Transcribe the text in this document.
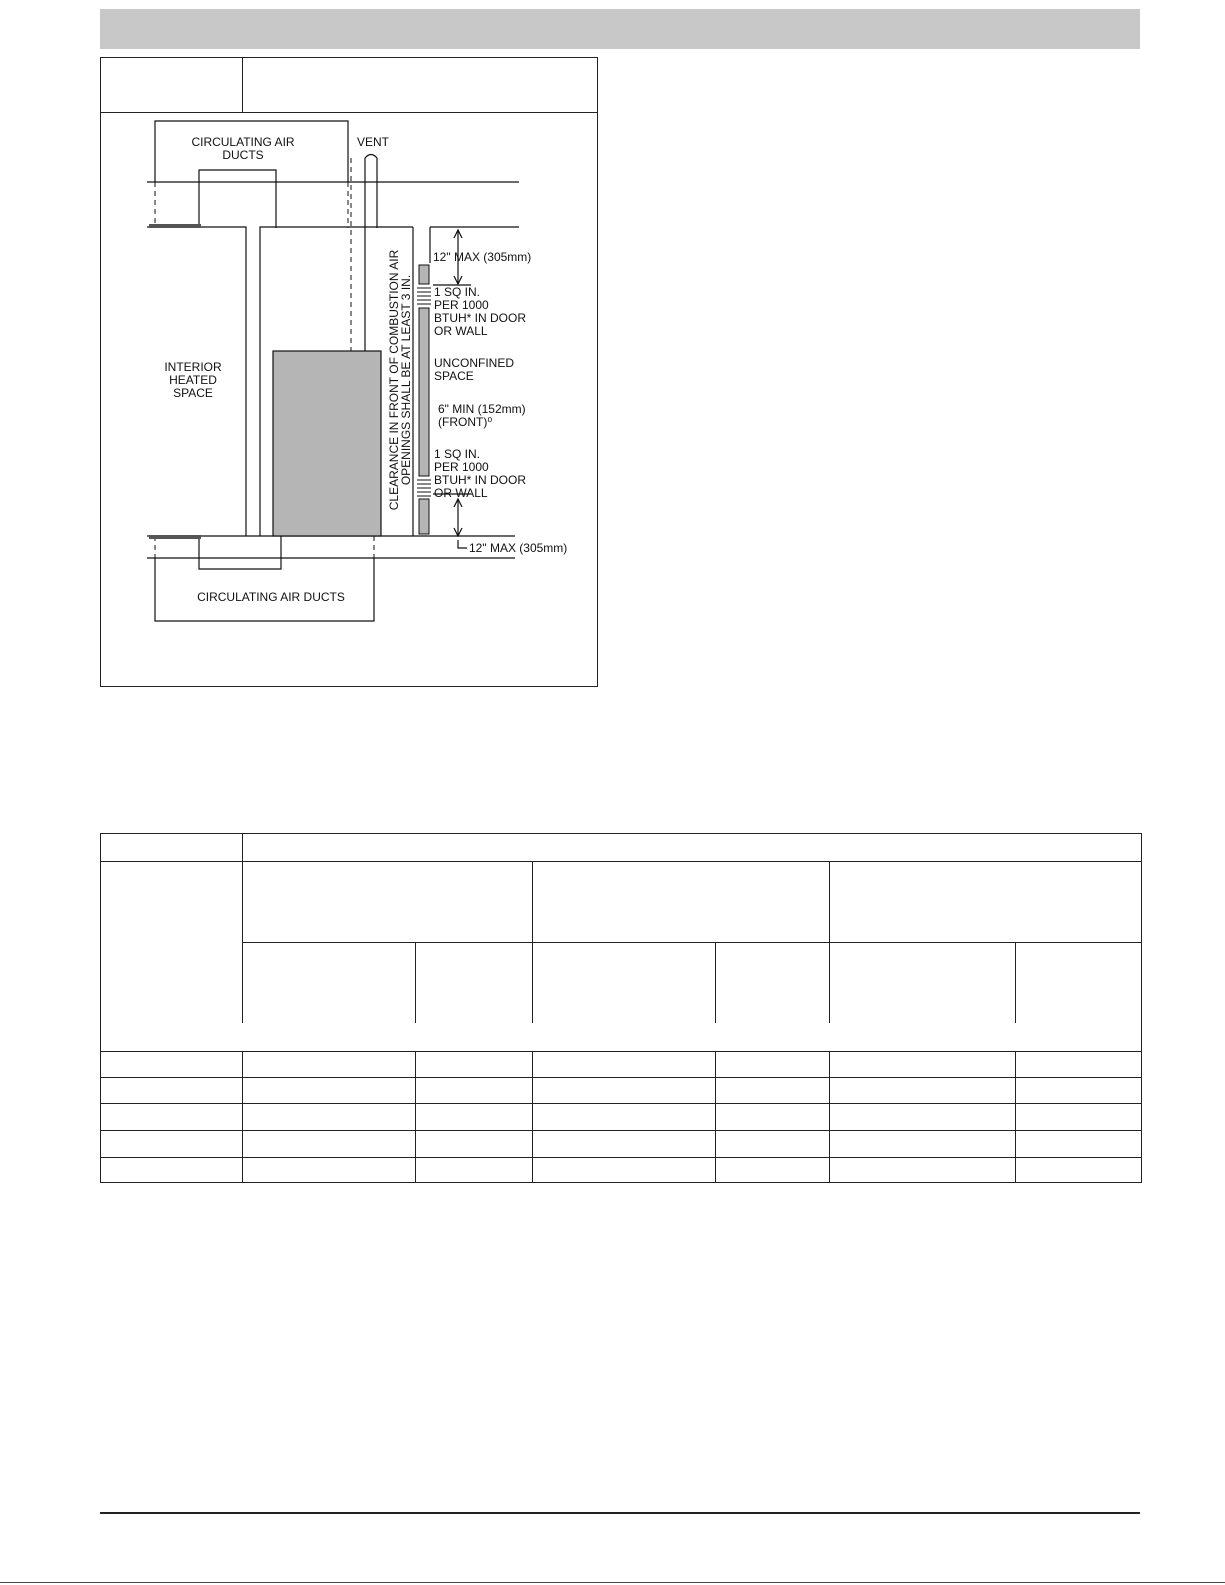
CIRCULATING AIR
DUCTS
VENT
INTERIOR
HEATED
SPACE	CLEARANCE IN FRONT OF COMBUSTION AIR
OPENINGS SHALL BE AT LEAST 3 IN.
12" MAX (305mm)
1 SQ IN.
PER 1000
BTUH* IN DOOR
OR WALL
UNCONFINED
SPACE
6" MIN (152mm)
(FRONT)⁰
1 SQ IN.
PER 1000
BTUH* IN DOOR
OR WALL
12" MAX (305mm)
CIRCULATING AIR DUCTS
